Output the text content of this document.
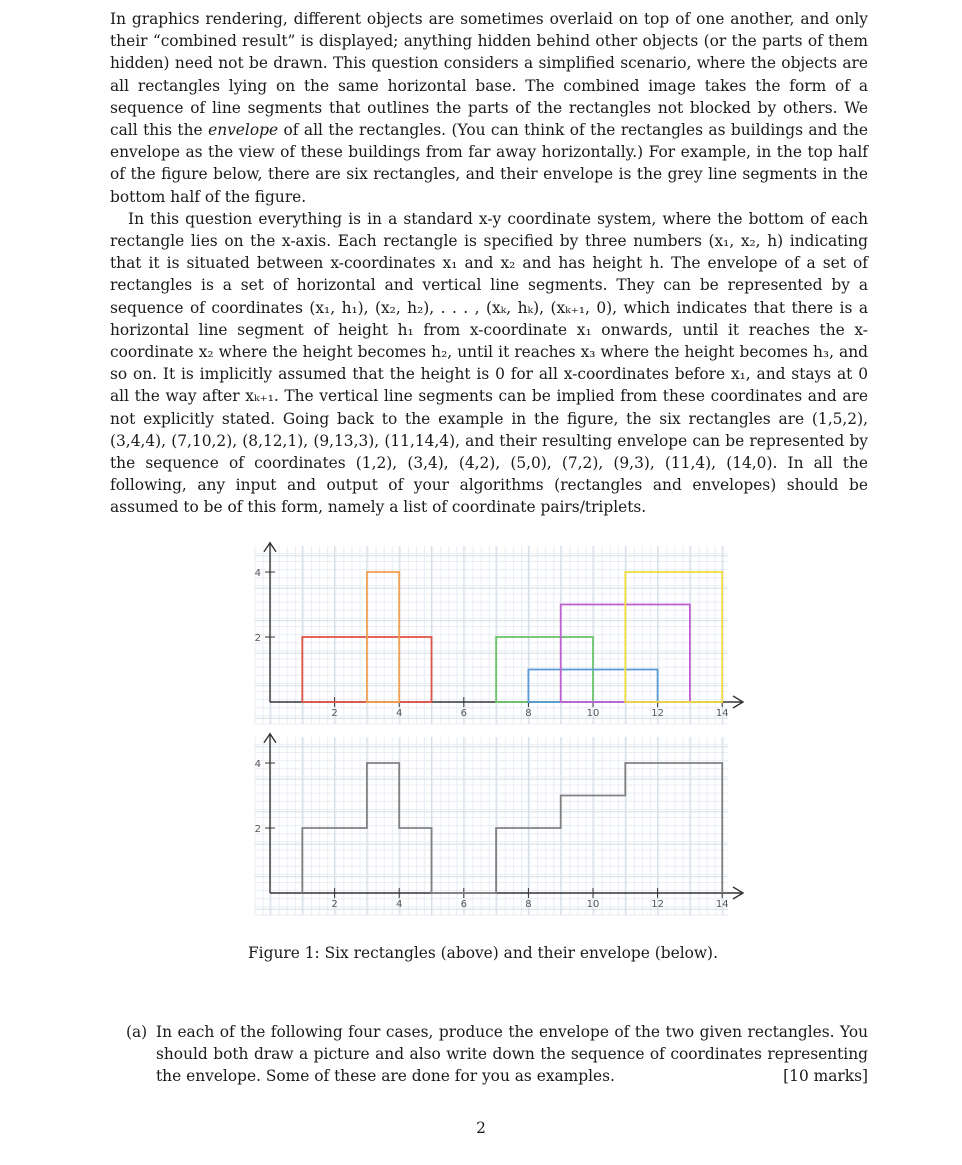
In graphics rendering, different objects are sometimes overlaid on top of one another, and only their “combined result” is displayed; anything hidden behind other objects (or the parts of them hidden) need not be drawn. This question considers a simplified scenario, where the objects are all rectangles lying on the same horizontal base. The combined image takes the form of a sequence of line segments that outlines the parts of the rectangles not blocked by others. We call this the envelope of all the rectangles. (You can think of the rectangles as buildings and the envelope as the view of these buildings from far away horizontally.) For example, in the top half of the figure below, there are six rectangles, and their envelope is the grey line segments in the bottom half of the figure.

In this question everything is in a standard x-y coordinate system, where the bottom of each rectangle lies on the x-axis. Each rectangle is specified by three numbers (x₁, x₂, h) indicating that it is situated between x-coordinates x₁ and x₂ and has height h. The envelope of a set of rectangles is a set of horizontal and vertical line segments. They can be represented by a sequence of coordinates (x₁, h₁), (x₂, h₂), . . . , (xₖ, hₖ), (xₖ₊₁, 0), which indicates that there is a horizontal line segment of height h₁ from x-coordinate x₁ onwards, until it reaches the x-coordinate x₂ where the height becomes h₂, until it reaches x₃ where the height becomes h₃, and so on. It is implicitly assumed that the height is 0 for all x-coordinates before x₁, and stays at 0 all the way after xₖ₊₁. The vertical line segments can be implied from these coordinates and are not explicitly stated. Going back to the example in the figure, the six rectangles are (1,5,2), (3,4,4), (7,10,2), (8,12,1), (9,13,3), (11,14,4), and their resulting envelope can be represented by the sequence of coordinates (1,2), (3,4), (4,2), (5,0), (7,2), (9,3), (11,4), (14,0). In all the following, any input and output of your algorithms (rectangles and envelopes) should be assumed to be of this form, namely a list of coordinate pairs/triplets.

2	4	6	8	10	12	14
2
4
2	4	6	8	10	12	14
2
4
Figure 1: Six rectangles (above) and their envelope (below).
(a) In each of the following four cases, produce the envelope of the two given rectangles. You should both draw a picture and also write down the sequence of coordinates representing the envelope. Some of these are done for you as examples.	[10 marks]
2
